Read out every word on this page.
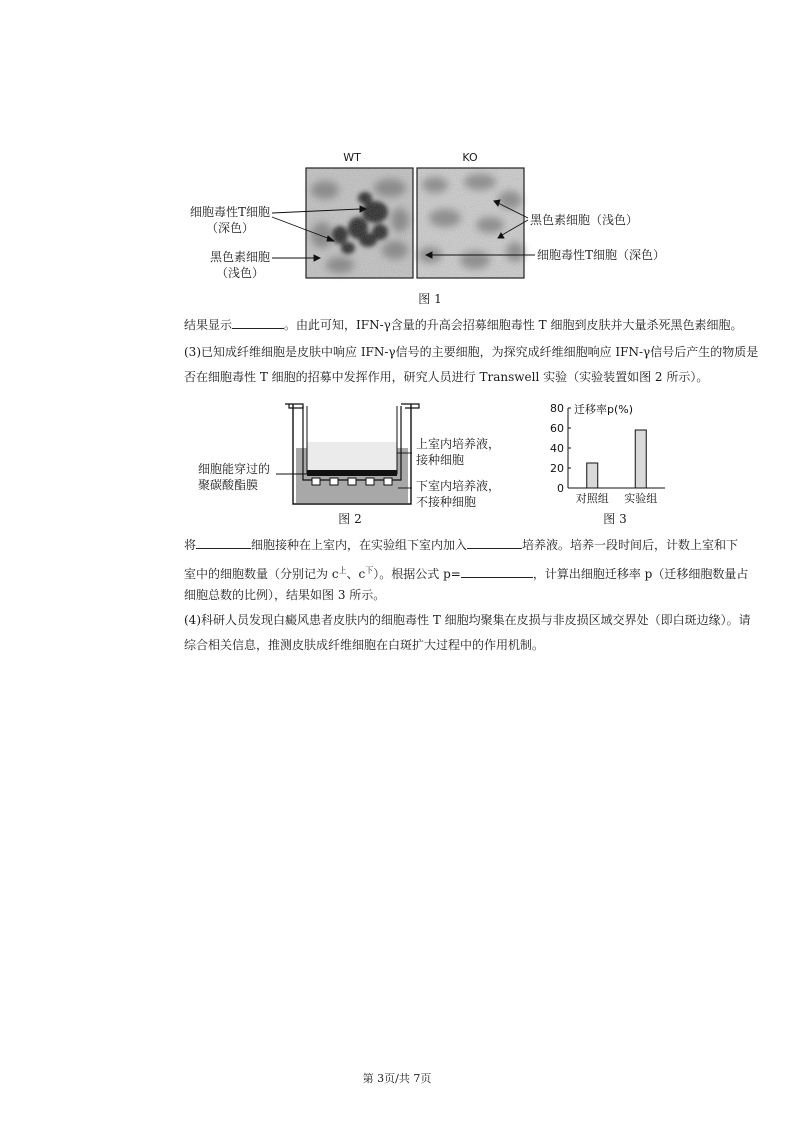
WT	KO
细胞毒性T细胞
（深色）
黑色素细胞
（浅色）
黑色素细胞（浅色）
细胞毒性T细胞（深色）
图 1
结果显示	。由此可知，IFN-γ含量的升高会招募细胞毒性 T 细胞到皮肤并大量杀死黑色素细胞。
(3)已知成纤维细胞是皮肤中响应 IFN-γ信号的主要细胞，为探究成纤维细胞响应 IFN-γ信号后产生的物质是
否在细胞毒性 T 细胞的招募中发挥作用，研究人员进行 Transwell 实验（实验装置如图 2 所示）。
上室内培养液，
接种细胞
细胞能穿过的
聚碳酸酯膜	下室内培养液，
不接种细胞
图 2
迁移率p(%)
0
20
40
60
80
对照组 实验组
图 3
将	细胞接种在上室内，在实验组下室内加入	培养液。培养一段时间后，计数上室和下
室中的细胞数量（分别记为 $c^上$、$c^下$）。根据公式 p=	，计算出细胞迁移率 p（迁移细胞数量占
细胞总数的比例），结果如图 3 所示。
(4)科研人员发现白癜风患者皮肤内的细胞毒性 T 细胞均聚集在皮损与非皮损区域交界处（即白斑边缘）。请
综合相关信息，推测皮肤成纤维细胞在白斑扩大过程中的作用机制。
第 3页/共 7页
